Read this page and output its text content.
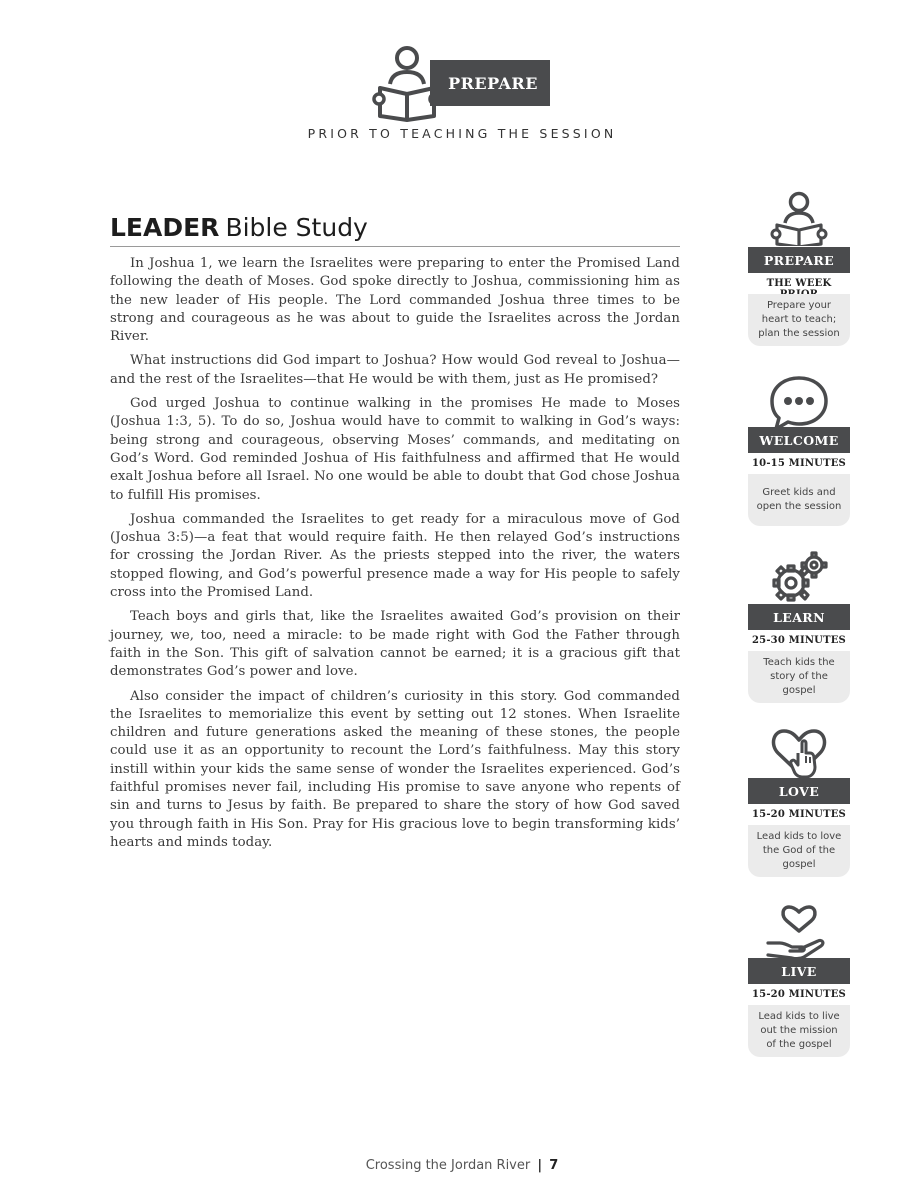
PREPARE
PRIOR TO TEACHING THE SESSION
LEADER Bible Study

In Joshua 1, we learn the Israelites were preparing to enter the Promised Land following the death of Moses. God spoke directly to Joshua, commissioning him as the new leader of His people. The Lord commanded Joshua three times to be strong and courageous as he was about to guide the Israelites across the Jordan River.

What instructions did God impart to Joshua? How would God reveal to Joshua—and the rest of the Israelites—that He would be with them, just as He promised?

God urged Joshua to continue walking in the promises He made to Moses (Joshua 1:3, 5). To do so, Joshua would have to commit to walking in God’s ways: being strong and courageous, observing Moses’ commands, and meditating on God’s Word. God reminded Joshua of His faithfulness and affirmed that He would exalt Joshua before all Israel. No one would be able to doubt that God chose Joshua to fulfill His promises.

Joshua commanded the Israelites to get ready for a miraculous move of God (Joshua 3:5)—a feat that would require faith. He then relayed God’s instructions for crossing the Jordan River. As the priests stepped into the river, the waters stopped flowing, and God’s powerful presence made a way for His people to safely cross into the Promised Land.

Teach boys and girls that, like the Israelites awaited God’s provision on their journey, we, too, need a miracle: to be made right with God the Father through faith in the Son. This gift of salvation cannot be earned; it is a gracious gift that demonstrates God’s power and love.

Also consider the impact of children’s curiosity in this story. God commanded the Israelites to memorialize this event by setting out 12 stones. When Israelite children and future generations asked the meaning of these stones, the people could use it as an opportunity to recount the Lord’s faithfulness. May this story instill within your kids the same sense of wonder the Israelites experienced. God’s faithful promises never fail, including His promise to save anyone who repents of sin and turns to Jesus by faith. Be prepared to share the story of how God saved you through faith in His Son. Pray for His gracious love to begin transforming kids’ hearts and minds today.

PREPARE
THE WEEK
Prepare your heart to teach; plan the session
WELCOME
10-15 MINUTES
Greet kids and open the session
LEARN
25-30 MINUTES
Teach kids the story of the gospel
LOVE
15-20 MINUTES
Lead kids to love the God of the gospel
LIVE
15-20 MINUTES
Lead kids to live out the mission of the gospel
Crossing the Jordan River | 7
